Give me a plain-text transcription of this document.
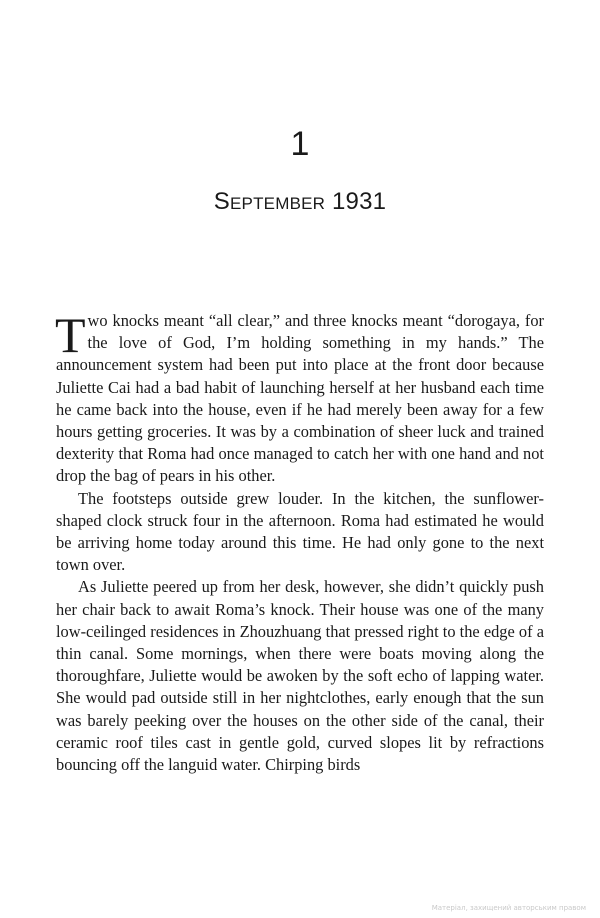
1
September 1931

Two knocks meant “all clear,” and three knocks meant “dorogaya, for the love of God, I’m holding something in my hands.” The announcement system had been put into place at the front door because Juliette Cai had a bad habit of launching herself at her husband each time he came back into the house, even if he had merely been away for a few hours getting groceries. It was by a combination of sheer luck and trained dexterity that Roma had once managed to catch her with one hand and not drop the bag of pears in his other.

The footsteps outside grew louder. In the kitchen, the sunflower-shaped clock struck four in the afternoon. Roma had estimated he would be arriving home today around this time. He had only gone to the next town over.

As Juliette peered up from her desk, however, she didn’t quickly push her chair back to await Roma’s knock. Their house was one of the many low-ceilinged residences in Zhouzhuang that pressed right to the edge of a thin canal. Some mornings, when there were boats moving along the thoroughfare, Juliette would be awoken by the soft echo of lapping water. She would pad outside still in her nightclothes, early enough that the sun was barely peeking over the houses on the other side of the canal, their ceramic roof tiles cast in gentle gold, curved slopes lit by refractions bouncing off the languid water. Chirping birds

Матеріал, захищений авторським правом
